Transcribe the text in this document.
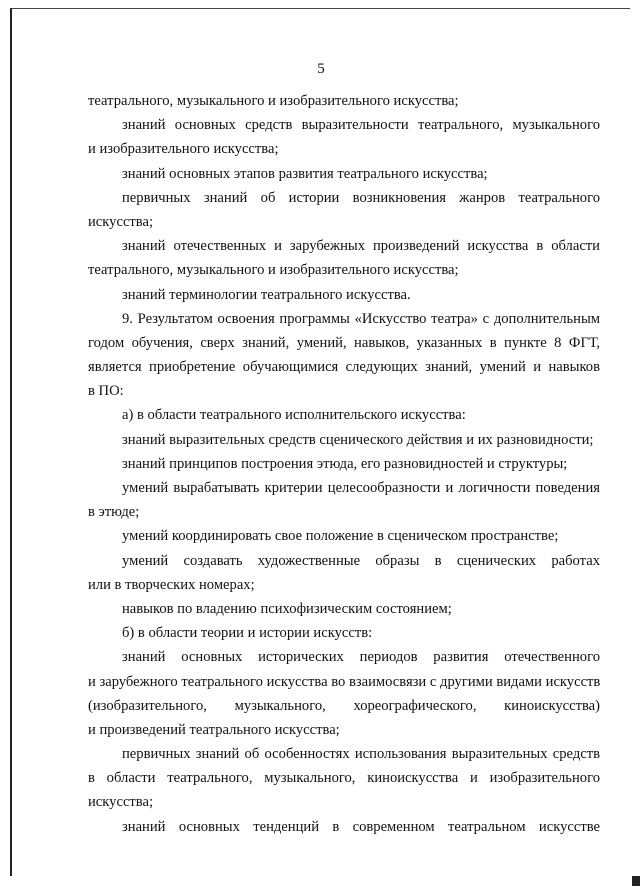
5
театрального, музыкального и изобразительного искусства;
знаний основных средств выразительности театрального, музыкального
и изобразительного искусства;
знаний основных этапов развития театрального искусства;
первичных знаний об истории возникновения жанров театрального
искусства;
знаний отечественных и зарубежных произведений искусства в области
театрального, музыкального и изобразительного искусства;
знаний терминологии театрального искусства.
9. Результатом освоения программы «Искусство театра» с дополнительным
годом обучения, сверх знаний, умений, навыков, указанных в пункте 8 ФГТ,
является приобретение обучающимися следующих знаний, умений и навыков
в ПО:
а) в области театрального исполнительского искусства:
знаний выразительных средств сценического действия и их разновидности;
знаний принципов построения этюда, его разновидностей и структуры;
умений вырабатывать критерии целесообразности и логичности поведения
в этюде;
умений координировать свое положение в сценическом пространстве;
умений создавать художественные образы в сценических работах
или в творческих номерах;
навыков по владению психофизическим состоянием;
б) в области теории и истории искусств:
знаний основных исторических периодов развития отечественного
и зарубежного театрального искусства во взаимосвязи с другими видами искусств
(изобразительного, музыкального, хореографического, киноискусства)
и произведений театрального искусства;
первичных знаний об особенностях использования выразительных средств
в области театрального, музыкального, киноискусства и изобразительного
искусства;
знаний основных тенденций в современном театральном искусстве
